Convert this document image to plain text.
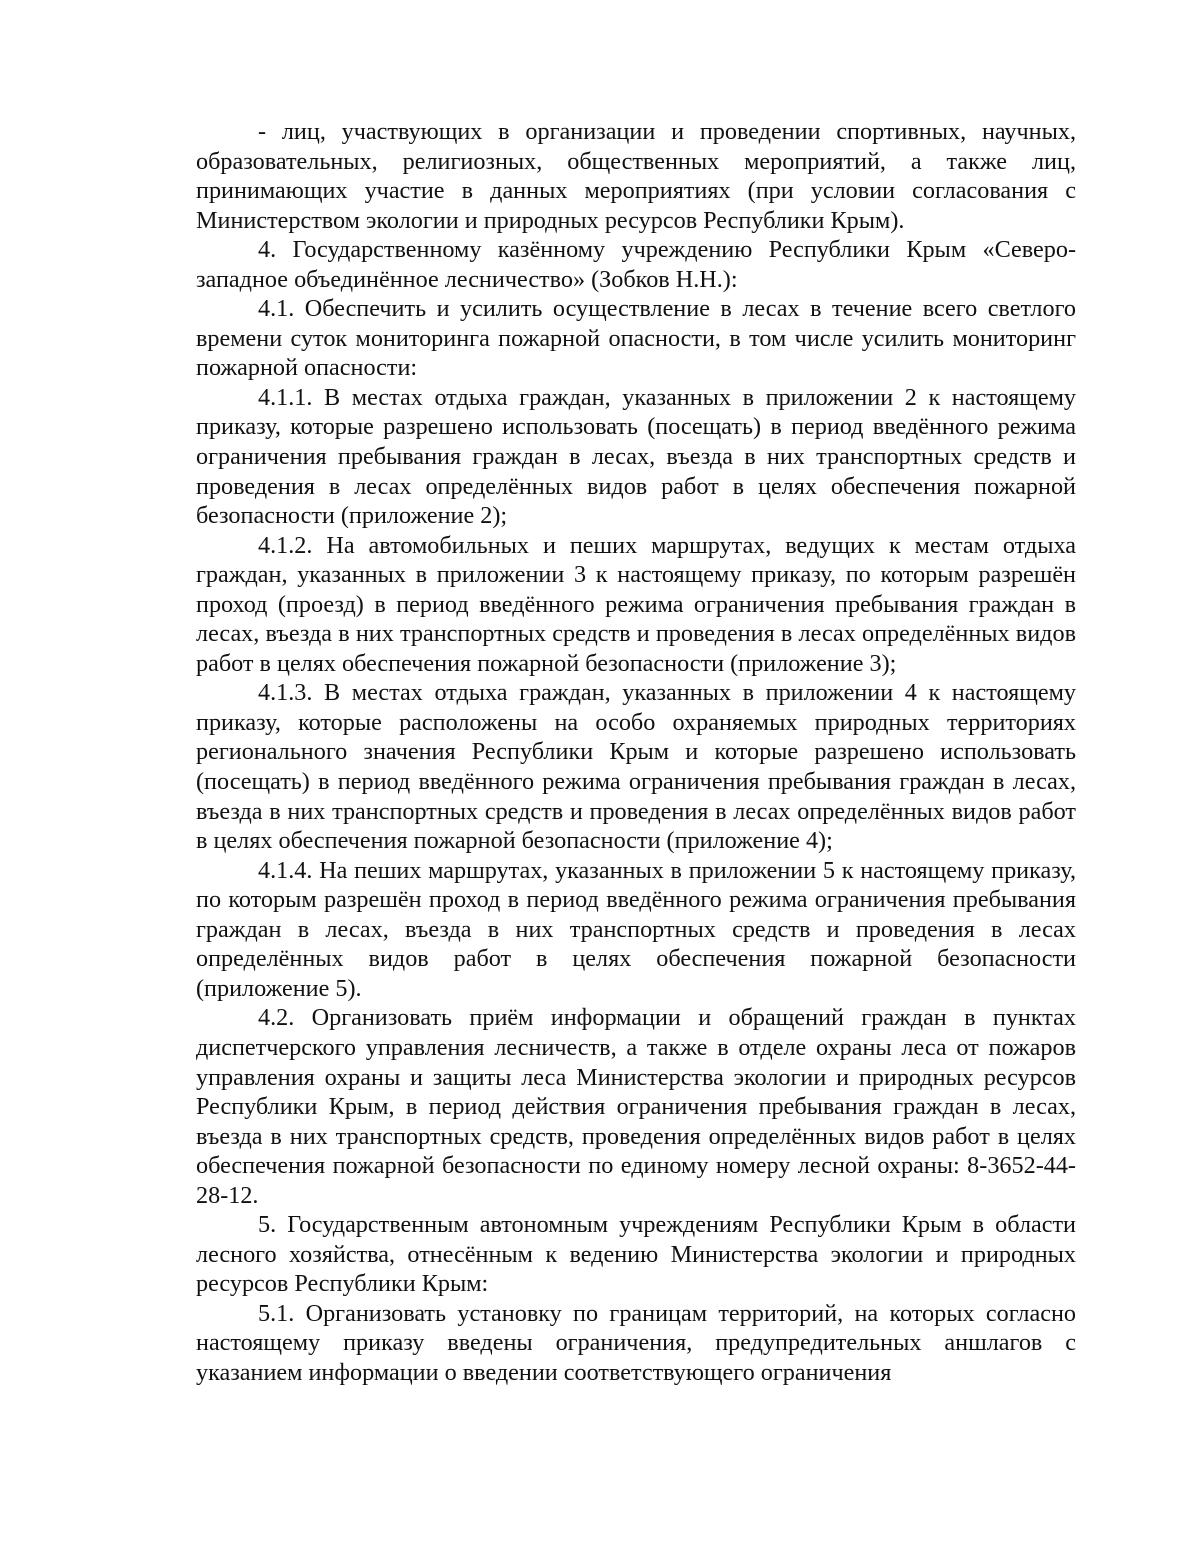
- лиц, участвующих в организации и проведении спортивных, научных, образовательных, религиозных, общественных мероприятий, а также лиц, принимающих участие в данных мероприятиях (при условии согласования с Министерством экологии и природных ресурсов Республики Крым).

4. Государственному казённому учреждению Республики Крым «Северо-западное объединённое лесничество» (Зобков Н.Н.):

4.1. Обеспечить и усилить осуществление в лесах в течение всего светлого времени суток мониторинга пожарной опасности, в том числе усилить мониторинг пожарной опасности:

4.1.1. В местах отдыха граждан, указанных в приложении 2 к настоящему приказу, которые разрешено использовать (посещать) в период введённого режима ограничения пребывания граждан в лесах, въезда в них транспортных средств и проведения в лесах определённых видов работ в целях обеспечения пожарной безопасности (приложение 2);

4.1.2. На автомобильных и пеших маршрутах, ведущих к местам отдыха граждан, указанных в приложении 3 к настоящему приказу, по которым разрешён проход (проезд) в период введённого режима ограничения пребывания граждан в лесах, въезда в них транспортных средств и проведения в лесах определённых видов работ в целях обеспечения пожарной безопасности (приложение 3);

4.1.3. В местах отдыха граждан, указанных в приложении 4 к настоящему приказу, которые расположены на особо охраняемых природных территориях регионального значения Республики Крым и которые разрешено использовать (посещать) в период введённого режима ограничения пребывания граждан в лесах, въезда в них транспортных средств и проведения в лесах определённых видов работ в целях обеспечения пожарной безопасности (приложение 4);

4.1.4. На пеших маршрутах, указанных в приложении 5 к настоящему приказу, по которым разрешён проход в период введённого режима ограничения пребывания граждан в лесах, въезда в них транспортных средств и проведения в лесах определённых видов работ в целях обеспечения пожарной безопасности (приложение 5).

4.2. Организовать приём информации и обращений граждан в пунктах диспетчерского управления лесничеств, а также в отделе охраны леса от пожаров управления охраны и защиты леса Министерства экологии и природных ресурсов Республики Крым, в период действия ограничения пребывания граждан в лесах, въезда в них транспортных средств, проведения определённых видов работ в целях обеспечения пожарной безопасности по единому номеру лесной охраны: 8-3652-44-28-12.

5. Государственным автономным учреждениям Республики Крым в области лесного хозяйства, отнесённым к ведению Министерства экологии и природных ресурсов Республики Крым:

5.1. Организовать установку по границам территорий, на которых согласно настоящему приказу введены ограничения, предупредительных аншлагов с указанием информации о введении соответствующего ограничения
